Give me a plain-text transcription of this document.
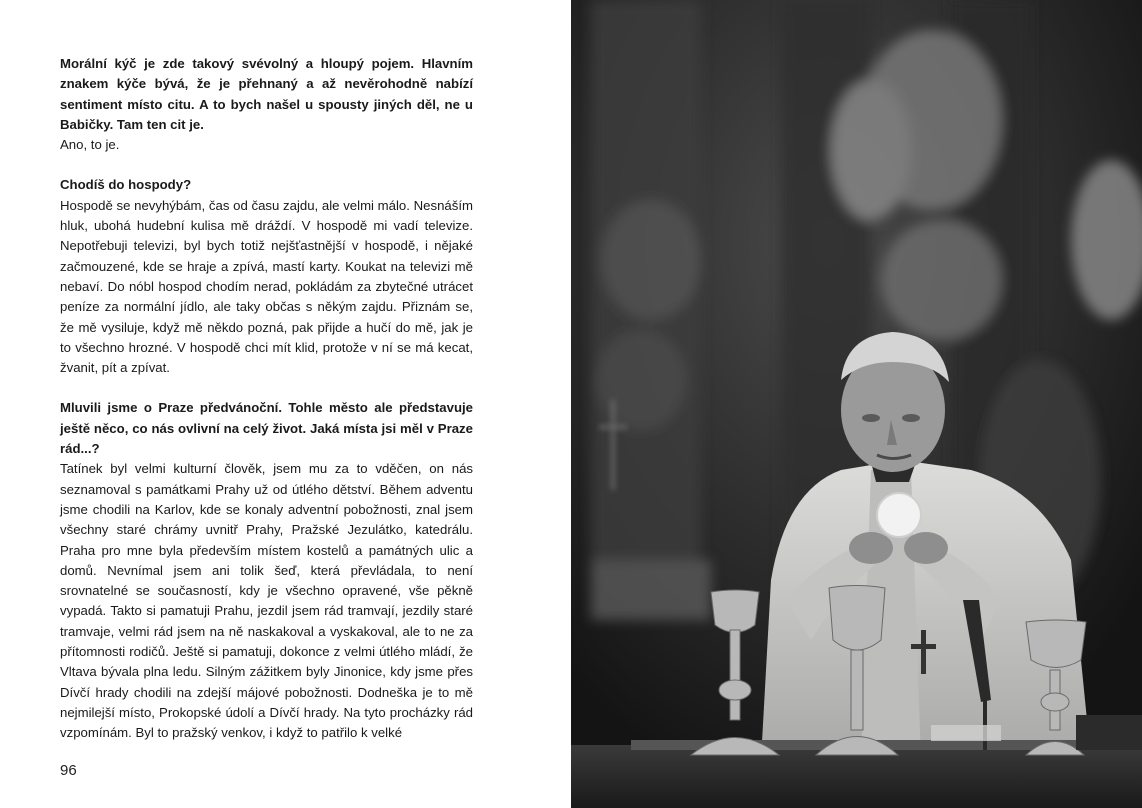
Morální kýč je zde takový svévolný a hloupý pojem. Hlavním znakem kýče bývá, že je přehnaný a až nevěrohodně nabízí sentiment místo citu. A to bych našel u spousty jiných děl, ne u Babičky. Tam ten cit je.

Ano, to je.

Chodíš do hospody?

Hospodě se nevyhýbám, čas od času zajdu, ale velmi málo. Nesnáším hluk, ubohá hudební kulisa mě dráždí. V hospodě mi vadí televize. Nepotřebuji televizi, byl bych totiž nejšťastnější v hospodě, i nějaké začmouzené, kde se hraje a zpívá, mastí karty. Koukat na televizi mě nebaví. Do nóbl hospod chodím nerad, pokládám za zbytečné utrácet peníze za normální jídlo, ale taky občas s někým zajdu. Přiznám se, že mě vysiluje, když mě někdo pozná, pak přijde a hučí do mě, jak je to všechno hrozné. V hospodě chci mít klid, protože v ní se má kecat, žvanit, pít a zpívat.

Mluvili jsme o Praze předvánoční. Tohle město ale představuje ještě něco, co nás ovlivní na celý život. Jaká místa jsi měl v Praze rád...?

Tatínek byl velmi kulturní člověk, jsem mu za to vděčen, on nás seznamoval s památkami Prahy už od útlého dětství. Během adventu jsme chodili na Karlov, kde se konaly adventní pobožnosti, znal jsem všechny staré chrámy uvnitř Prahy, Pražské Jezulátko, katedrálu. Praha pro mne byla především místem kostelů a památných ulic a domů. Nevnímal jsem ani tolik šeď, která převládala, to není srovnatelné se současností, kdy je všechno opravené, vše pěkně vypadá. Takto si pamatuji Prahu, jezdil jsem rád tramvají, jezdily staré tramvaje, velmi rád jsem na ně naskakoval a vyskakoval, ale to ne za přítomnosti rodičů. Ještě si pamatuji, dokonce z velmi útlého mládí, že Vltava bývala plna ledu. Silným zážitkem byly Jinonice, kdy jsme přes Dívčí hrady chodili na zdejší májové pobožnosti. Dodneška je to mě nejmilejší místo, Prokopské údolí a Dívčí hrady. Na tyto procházky rád vzpomínám. Byl to pražský venkov, i když to patřilo k velké

96
